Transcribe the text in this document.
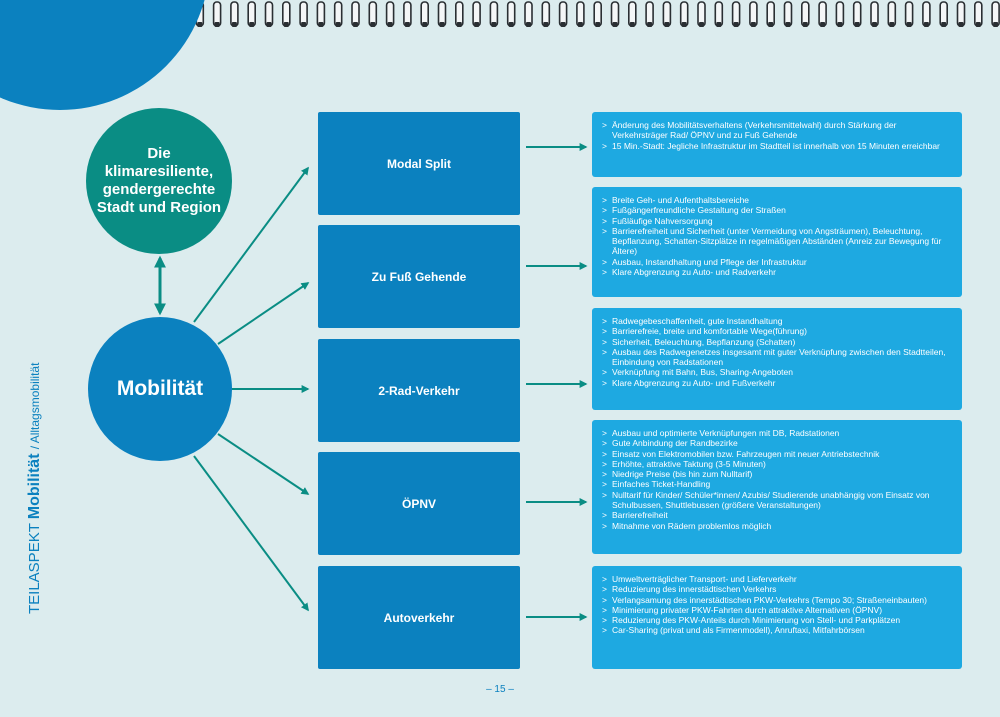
TEILASPEKT Mobilität / Alltagsmobilität
Die klimaresiliente, gendergerechte Stadt und Region
Mobilität
Modal Split
Zu Fuß Gehende
2-Rad-Verkehr
ÖPNV
Autoverkehr
> Änderung des Mobilitätsverhaltens (Verkehrsmittelwahl) durch Stärkung der Verkehrsträger Rad/ ÖPNV und zu Fuß Gehende
> 15 Min.-Stadt: Jegliche Infrastruktur im Stadtteil ist innerhalb von 15 Minuten erreichbar
> Breite Geh- und Aufenthaltsbereiche
> Fußgängerfreundliche Gestaltung der Straßen
> Fußläufige Nahversorgung
> Barrierefreiheit und Sicherheit (unter Vermeidung von Angsträumen), Beleuchtung, Bepflanzung, Schatten-Sitzplätze in regelmäßigen Abständen (Anreiz zur Bewegung für Ältere)
> Ausbau, Instandhaltung und Pflege der Infrastruktur
> Klare Abgrenzung zu Auto- und Radverkehr
> Radwegebeschaffenheit, gute Instandhaltung
> Barrierefreie, breite und komfortable Wege(führung)
> Sicherheit, Beleuchtung, Bepflanzung (Schatten)
> Ausbau des Radwegenetzes insgesamt mit guter Verknüpfung zwischen den Stadtteilen, Einbindung von Radstationen
> Verknüpfung mit Bahn, Bus, Sharing-Angeboten
> Klare Abgrenzung zu Auto- und Fußverkehr
> Ausbau und optimierte Verknüpfungen mit DB, Radstationen
> Gute Anbindung der Randbezirke
> Einsatz von Elektromobilen bzw. Fahrzeugen mit neuer Antriebstechnik
> Erhöhte, attraktive Taktung (3-5 Minuten)
> Niedrige Preise (bis hin zum Nulltarif)
> Einfaches Ticket-Handling
> Nulltarif für Kinder/ Schüler*innen/ Azubis/ Studierende unabhängig vom Einsatz von Schulbussen, Shuttlebussen (größere Veranstaltungen)
> Barrierefreiheit
> Mitnahme von Rädern problemlos möglich
> Umweltverträglicher Transport- und Lieferverkehr
> Reduzierung des innerstädtischen Verkehrs
> Verlangsamung des innerstädtischen PKW-Verkehrs (Tempo 30; Straßeneinbauten)
> Minimierung privater PKW-Fahrten durch attraktive Alternativen (ÖPNV)
> Reduzierung des PKW-Anteils durch Minimierung von Stell- und Parkplätzen
> Car-Sharing (privat und als Firmenmodell), Anruftaxi, Mitfahrbörsen
– 15 –
